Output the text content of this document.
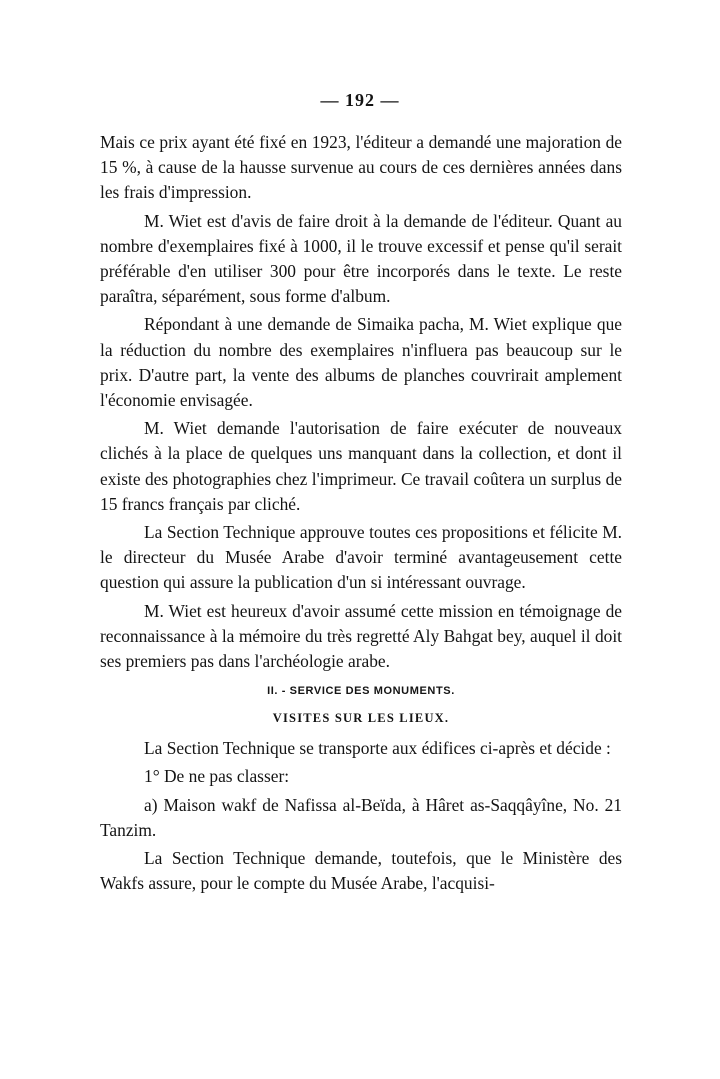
— 192 —

Mais ce prix ayant été fixé en 1923, l'éditeur a demandé une majoration de 15 %, à cause de la hausse survenue au cours de ces dernières années dans les frais d'impression.

M. Wiet est d'avis de faire droit à la demande de l'éditeur. Quant au nombre d'exemplaires fixé à 1000, il le trouve excessif et pense qu'il serait préférable d'en utiliser 300 pour être incorporés dans le texte. Le reste paraîtra, séparément, sous forme d'album.

Répondant à une demande de Simaika pacha, M. Wiet explique que la réduction du nombre des exemplaires n'influera pas beaucoup sur le prix. D'autre part, la vente des albums de planches couvrirait amplement l'économie envisagée.

M. Wiet demande l'autorisation de faire exécuter de nouveaux clichés à la place de quelques uns manquant dans la collection, et dont il existe des photographies chez l'imprimeur. Ce travail coûtera un surplus de 15 francs français par cliché.

La Section Technique approuve toutes ces propositions et félicite M. le directeur du Musée Arabe d'avoir terminé avantageusement cette question qui assure la publication d'un si intéressant ouvrage.

M. Wiet est heureux d'avoir assumé cette mission en témoignage de reconnaissance à la mémoire du très regretté Aly Bahgat bey, auquel il doit ses premiers pas dans l'archéologie arabe.

II. - SERVICE DES MONUMENTS.
VISITES SUR LES LIEUX.

La Section Technique se transporte aux édifices ci-après et décide :

1° De ne pas classer:

a) Maison wakf de Nafissa al-Beïda, à Hâret as-Saqqâyîne, No. 21 Tanzim.

La Section Technique demande, toutefois, que le Ministère des Wakfs assure, pour le compte du Musée Arabe, l'acquisi-
